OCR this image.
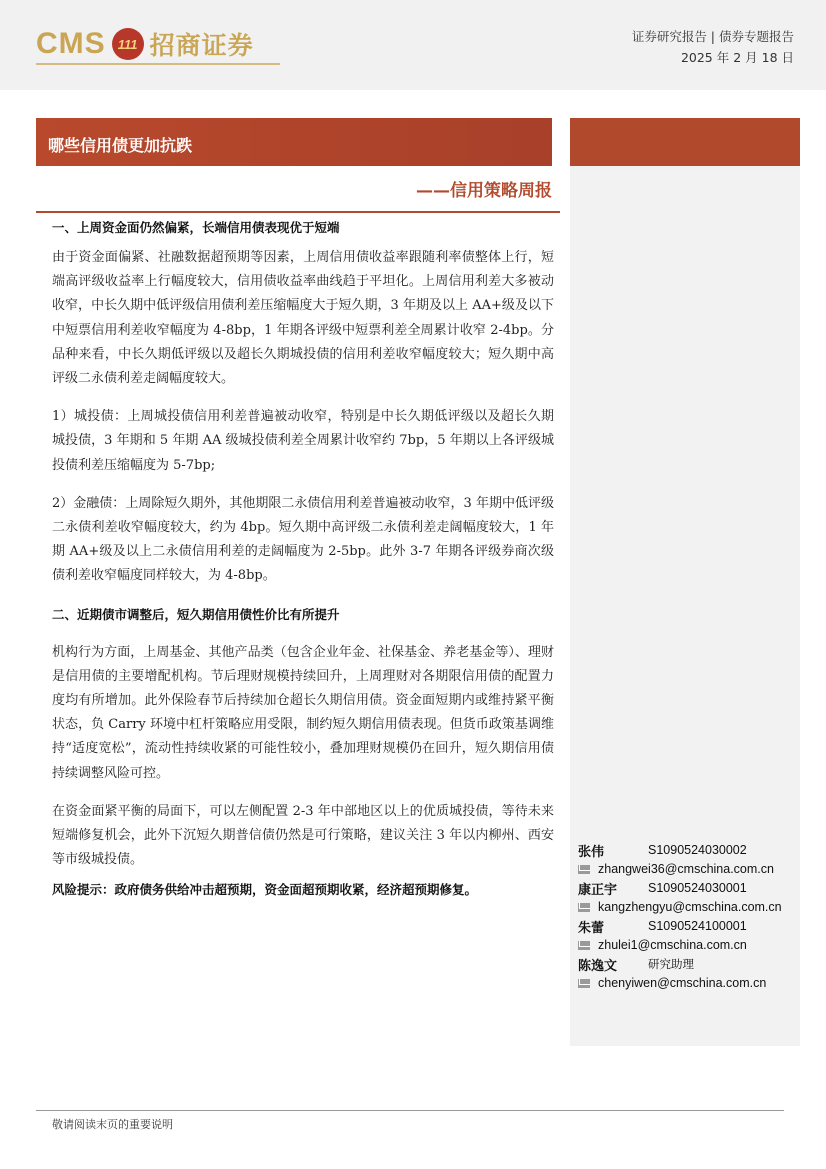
CMS 111 招商证券	证券研究报告 | 债券专题报告
2025 年 2 月 18 日
哪些信用债更加抗跌
——信用策略周报
一、上周资金面仍然偏紧，长端信用债表现优于短端
由于资金面偏紧、社融数据超预期等因素，上周信用债收益率跟随利率债整体上行，短端高评级收益率上行幅度较大，信用债收益率曲线趋于平坦化。上周信用利差大多被动收窄，中长久期中低评级信用债利差压缩幅度大于短久期，3 年期及以上 AA+级及以下中短票信用利差收窄幅度为 4-8bp，1 年期各评级中短票利差全周累计收窄 2-4bp。分品种来看，中长久期低评级以及超长久期城投债的信用利差收窄幅度较大；短久期中高评级二永债利差走阔幅度较大。
1）城投债：上周城投债信用利差普遍被动收窄，特别是中长久期低评级以及超长久期城投债，3 年期和 5 年期 AA 级城投债利差全周累计收窄约 7bp，5 年期以上各评级城投债利差压缩幅度为 5-7bp;
2）金融债：上周除短久期外，其他期限二永债信用利差普遍被动收窄，3 年期中低评级二永债利差收窄幅度较大，约为 4bp。短久期中高评级二永债利差走阔幅度较大，1 年期 AA+级及以上二永债信用利差的走阔幅度为 2-5bp。此外 3-7 年期各评级券商次级债利差收窄幅度同样较大，为 4-8bp。
二、近期债市调整后，短久期信用债性价比有所提升
机构行为方面，上周基金、其他产品类（包含企业年金、社保基金、养老基金等）、理财是信用债的主要增配机构。节后理财规模持续回升，上周理财对各期限信用债的配置力度均有所增加。此外保险春节后持续加仓超长久期信用债。资金面短期内或维持紧平衡状态，负 Carry 环境中杠杆策略应用受限，制约短久期信用债表现。但货币政策基调维持“适度宽松”，流动性持续收紧的可能性较小，叠加理财规模仍在回升，短久期信用债持续调整风险可控。
在资金面紧平衡的局面下，可以左侧配置 2-3 年中部地区以上的优质城投债，等待未来短端修复机会，此外下沉短久期普信债仍然是可行策略，建议关注 3 年以内柳州、西安等市级城投债。
风险提示：政府债务供给冲击超预期，资金面超预期收紧，经济超预期修复。
张伟	S1090524030002
zhangwei36@cmschina.com.cn
康正宇	S1090524030001
kangzhengyu@cmschina.com.cn
朱蕾	S1090524100001
zhulei1@cmschina.com.cn
陈逸文	研究助理
chenyiwen@cmschina.com.cn
敬请阅读末页的重要说明
